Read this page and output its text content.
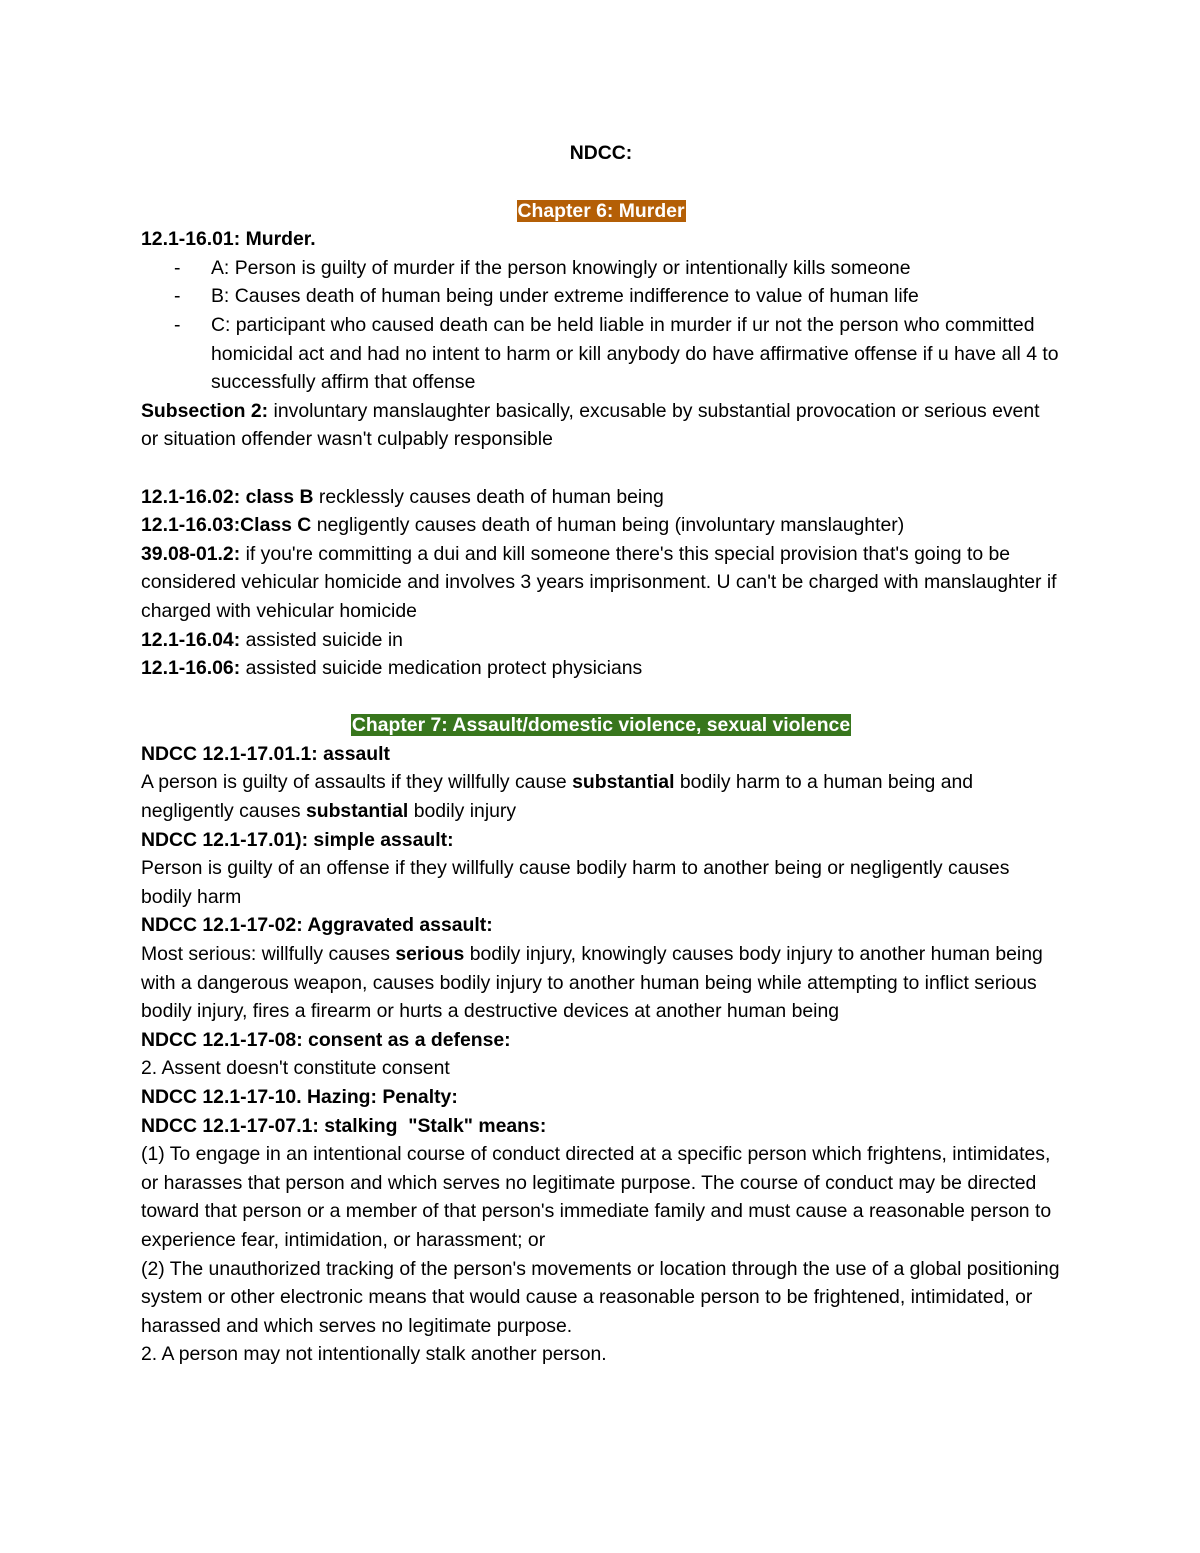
NDCC:

Chapter 6: Murder

12.1-16.01: Murder.

- A: Person is guilty of murder if the person knowingly or intentionally kills someone
- B: Causes death of human being under extreme indifference to value of human life
- C: participant who caused death can be held liable in murder if ur not the person who committed homicidal act and had no intent to harm or kill anybody do have affirmative offense if u have all 4 to successfully affirm that offense

Subsection 2: involuntary manslaughter basically, excusable by substantial provocation or serious event or situation offender wasn't culpably responsible

12.1-16.02: class B recklessly causes death of human being

12.1-16.03:Class C negligently causes death of human being (involuntary manslaughter)

39.08-01.2: if you're committing a dui and kill someone there's this special provision that's going to be considered vehicular homicide and involves 3 years imprisonment. U can't be charged with manslaughter if charged with vehicular homicide

12.1-16.04: assisted suicide in

12.1-16.06: assisted suicide medication protect physicians

Chapter 7: Assault/domestic violence, sexual violence

NDCC 12.1-17.01.1: assault

A person is guilty of assaults if they willfully cause substantial bodily harm to a human being and negligently causes substantial bodily injury

NDCC 12.1-17.01): simple assault:

Person is guilty of an offense if they willfully cause bodily harm to another being or negligently causes bodily harm

NDCC 12.1-17-02: Aggravated assault:

Most serious: willfully causes serious bodily injury, knowingly causes body injury to another human being with a dangerous weapon, causes bodily injury to another human being while attempting to inflict serious bodily injury, fires a firearm or hurts a destructive devices at another human being

NDCC 12.1-17-08: consent as a defense:

2. Assent doesn't constitute consent

NDCC 12.1-17-10. Hazing: Penalty:

NDCC 12.1-17-07.1: stalking  "Stalk" means:

(1) To engage in an intentional course of conduct directed at a specific person which frightens, intimidates, or harasses that person and which serves no legitimate purpose. The course of conduct may be directed toward that person or a member of that person's immediate family and must cause a reasonable person to experience fear, intimidation, or harassment; or

(2) The unauthorized tracking of the person's movements or location through the use of a global positioning system or other electronic means that would cause a reasonable person to be frightened, intimidated, or harassed and which serves no legitimate purpose.

2. A person may not intentionally stalk another person.
